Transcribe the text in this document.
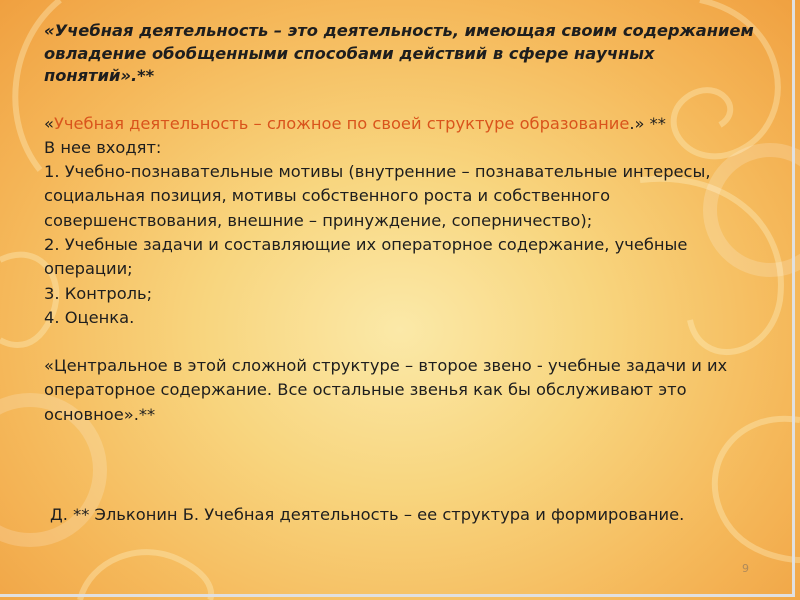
«Учебная деятельность – это деятельность, имеющая своим содержанием овладение обобщенными способами действий в сфере научных понятий».**

«Учебная деятельность – сложное по своей структуре образование.» **

В нее входят:

1. Учебно-познавательные мотивы (внутренние – познавательные интересы, социальная позиция, мотивы собственного роста и собственного совершенствования, внешние – принуждение, соперничество);

2. Учебные задачи и составляющие их операторное содержание, учебные операции;

3. Контроль;

4. Оценка.

«Центральное в этой сложной структуре – второе звено - учебные задачи и их операторное содержание. Все остальные звенья как бы обслуживают это основное».**

Д. ** Эльконин Б. Учебная деятельность – ее структура и формирование.

9
